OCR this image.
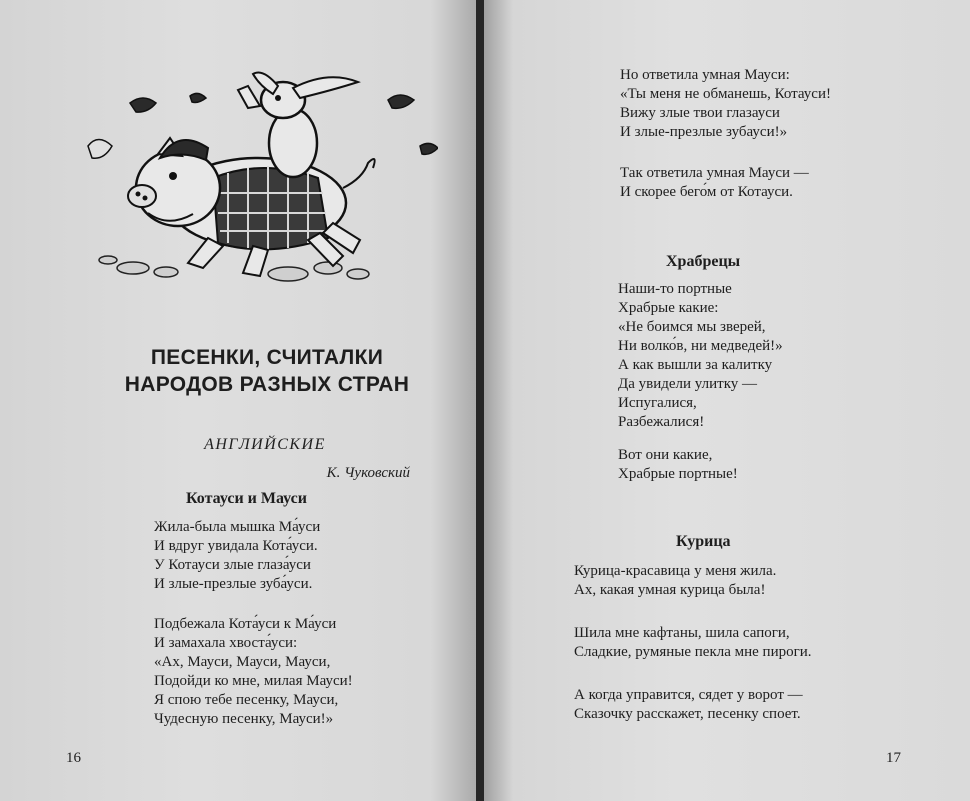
ПЕСЕНКИ, СЧИТАЛКИ
НАРОДОВ РАЗНЫХ СТРАН
АНГЛИЙСКИЕ
К. Чуковский
Котауси и Мауси
Жила-была мышка Ма́уси
И вдруг увидала Кота́уси.
У Котауси злые глаза́уси
И злые-презлые зуба́уси.
Подбежала Кота́уси к Ма́уси
И замахала хвоста́уси:
«Ах, Мауси, Мауси, Мауси,
Подойди ко мне, милая Мауси!
Я спою тебе песенку, Мауси,
Чудесную песенку, Мауси!»
16
Но ответила умная Мауси:
«Ты меня не обманешь, Котауси!
Вижу злые твои глазауси
И злые-презлые зубауси!»
Так ответила умная Мауси —
И скорее бего́м от Котауси.
Храбрецы
Наши-то портные
Храбрые какие:
«Не боимся мы зверей,
Ни волко́в, ни медведей!»
А как вышли за калитку
Да увидели улитку —
Испугалися,
Разбежалися!
Вот они какие,
Храбрые портные!
Курица
Курица-красавица у меня жила.
Ах, какая умная курица была!
Шила мне кафтаны, шила сапоги,
Сладкие, румяные пекла мне пироги.
А когда управится, сядет у ворот —
Сказочку расскажет, песенку споет.
17
